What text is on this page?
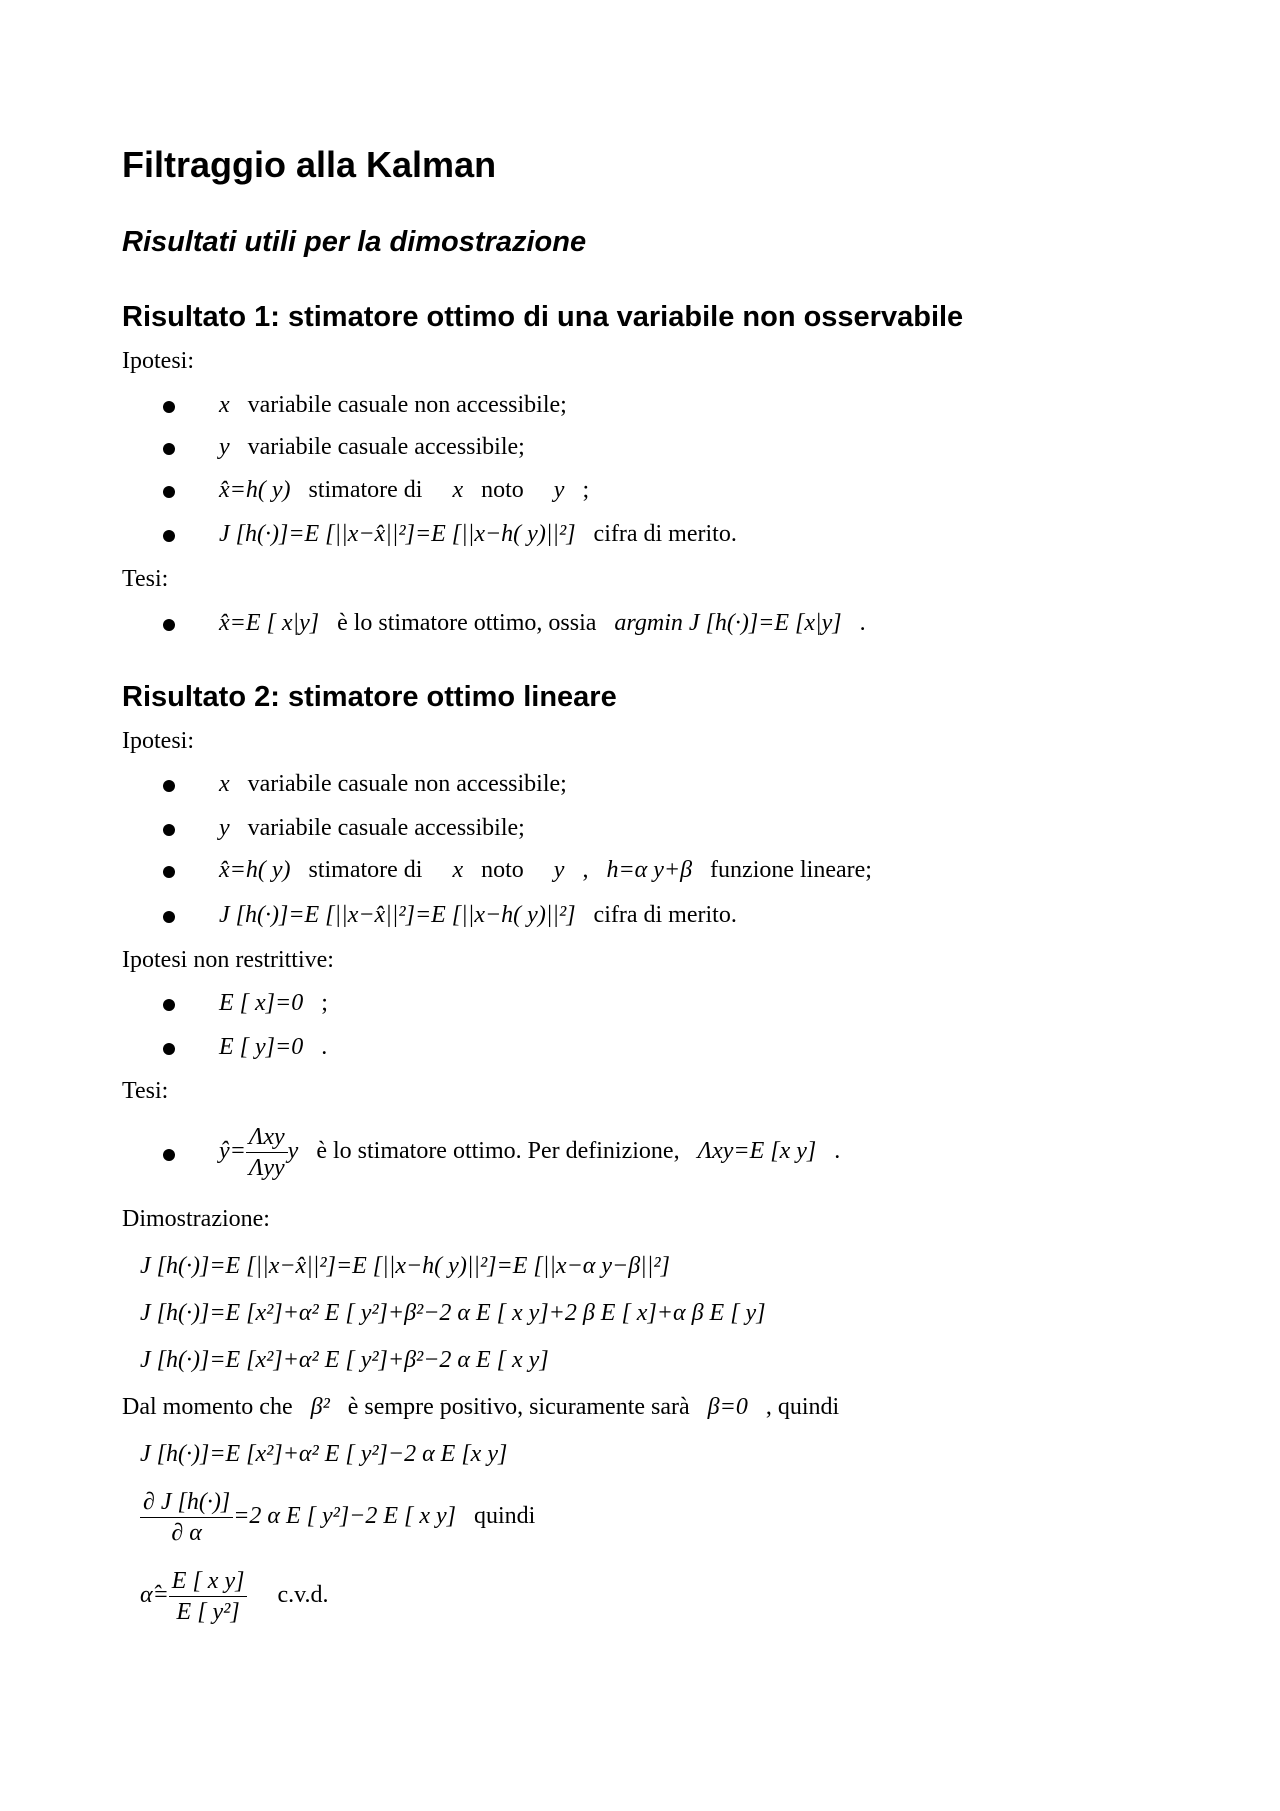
Filtraggio alla Kalman
Risultati utili per la dimostrazione
Risultato 1: stimatore ottimo di una variabile non osservabile
Ipotesi:
x variabile casuale non accessibile;
y variabile casuale accessibile;
x̂=h( y) stimatore di x noto y ;
J [h(·)]=E [||x−x̂||²]=E [||x−h( y)||²] cifra di merito.
Tesi:
x̂=E [ x|y] è lo stimatore ottimo, ossia argmin J [h(·)]=E [x|y] .
Risultato 2: stimatore ottimo lineare
Ipotesi:
x variabile casuale non accessibile;
y variabile casuale accessibile;
x̂=h( y) stimatore di x noto y , h=α y+β funzione lineare;
J [h(·)]=E [||x−x̂||²]=E [||x−h( y)||²] cifra di merito.
Ipotesi non restrittive:
E [ x]=0 ;
E [ y]=0 .
Tesi:
ŷ= $\frac{\text{Λxy}}{\text{Λyy}}$ y è lo stimatore ottimo. Per definizione, Λxy=E [x y] .
Dimostrazione:
J [h(·)]=E [||x−x̂||²]=E [||x−h( y)||²]=E [||x−α y−β||²]
J [h(·)]=E [x²]+α² E [ y²]+β²−2 α E [ x y]+2 β E [ x]+α β E [ y]
J [h(·)]=E [x²]+α² E [ y²]+β²−2 α E [ x y]
Dal momento che β² è sempre positivo, sicuramente sarà β=0 , quindi
J [h(·)]=E [x²]+α² E [ y²]−2 α E [x y]
$\frac{\partial J [h(\cdot)]}{\partial \alpha} =2$ α E [ y²]−2 E [ x y] quindi
α̂= $\frac{\text{E [ x y]}}{\text{E [ y²]}} c.v.d$.
